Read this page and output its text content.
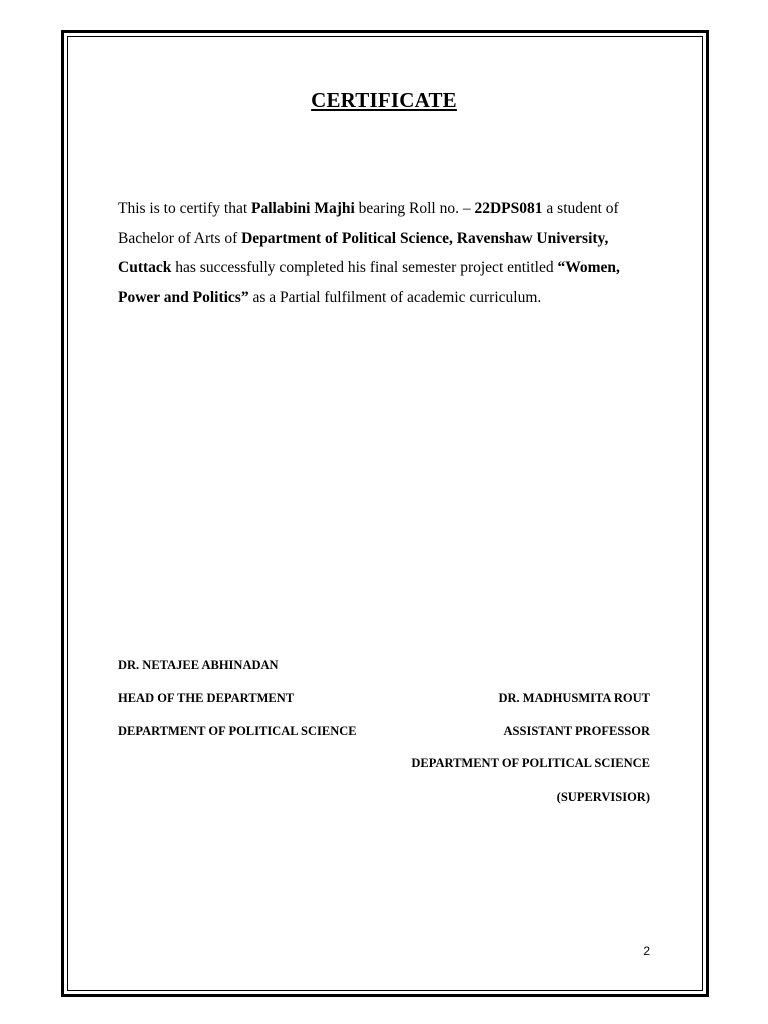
CERTIFICATE
This is to certify that Pallabini Majhi bearing Roll no. – 22DPS081 a student of Bachelor of Arts of Department of Political Science, Ravenshaw University, Cuttack has successfully completed his final semester project entitled “Women, Power and Politics” as a Partial fulfilment of academic curriculum.
DR. NETAJEE ABHINADAN
HEAD OF THE DEPARTMENT
DEPARTMENT OF POLITICAL SCIENCE
DR. MADHUSMITA ROUT
ASSISTANT PROFESSOR
DEPARTMENT OF POLITICAL SCIENCE
(SUPERVISIOR)
2
